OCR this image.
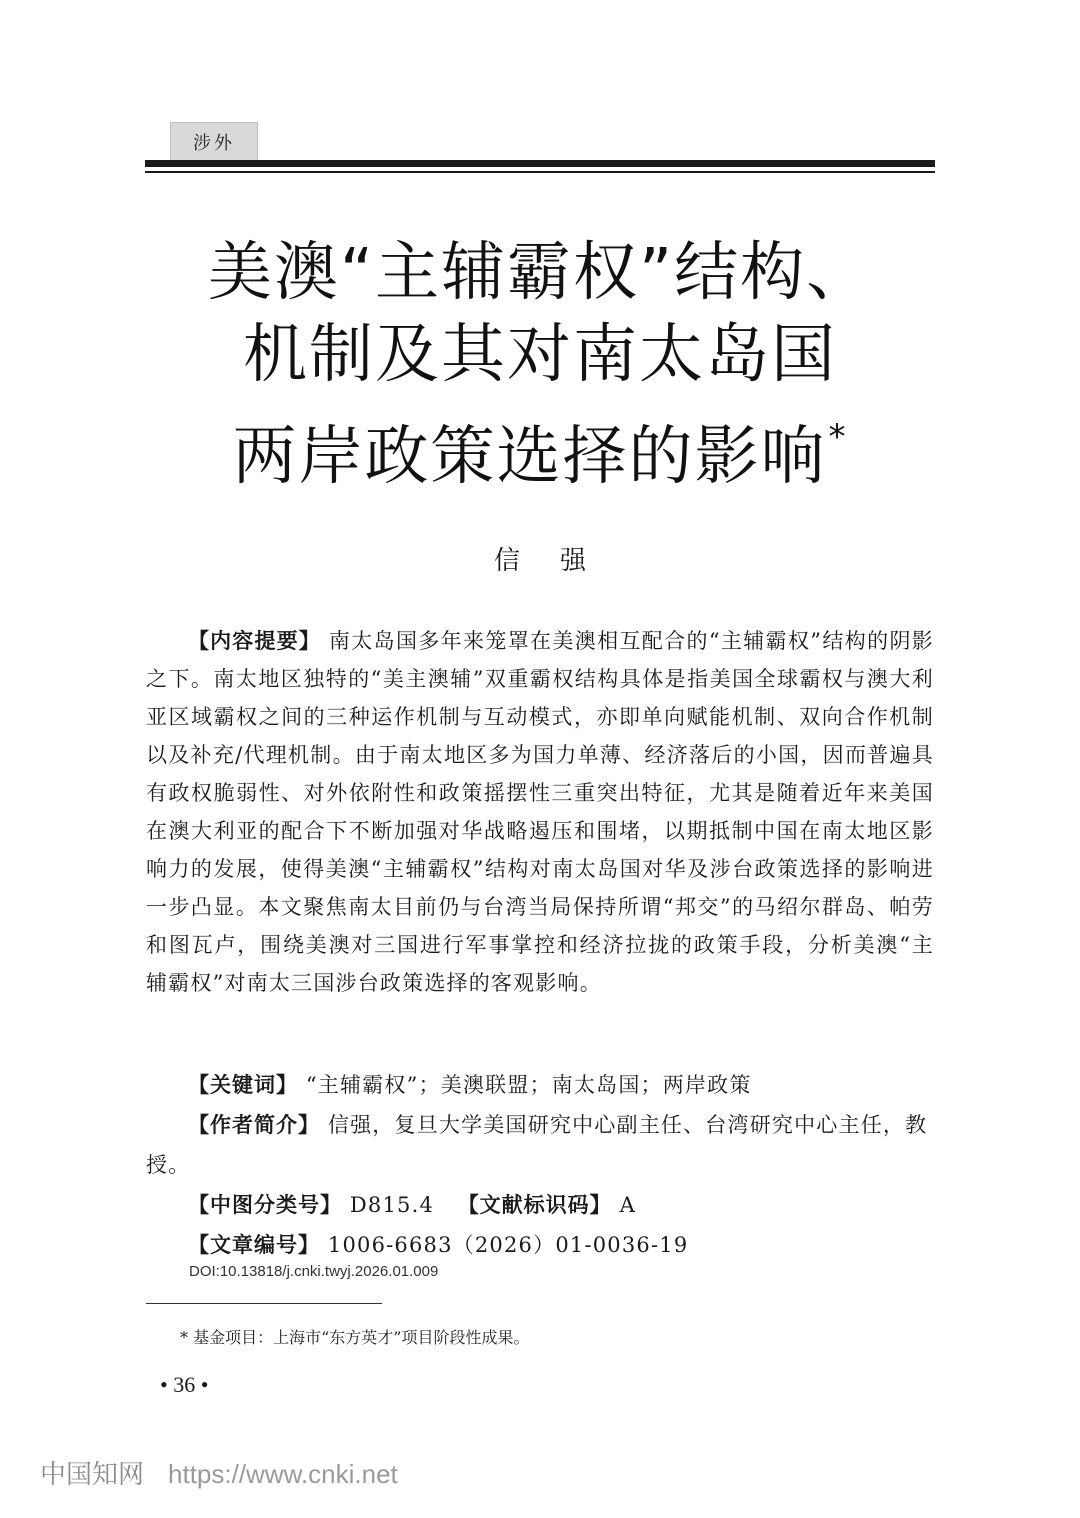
涉外
美澳“主辅霸权”结构、
机制及其对南太岛国
两岸政策选择的影响*
信强

【内容提要】 南太岛国多年来笼罩在美澳相互配合的“主辅霸权”结构的阴影之下。南太地区独特的“美主澳辅”双重霸权结构具体是指美国全球霸权与澳大利亚区域霸权之间的三种运作机制与互动模式，亦即单向赋能机制、双向合作机制以及补充/代理机制。由于南太地区多为国力单薄、经济落后的小国，因而普遍具有政权脆弱性、对外依附性和政策摇摆性三重突出特征，尤其是随着近年来美国在澳大利亚的配合下不断加强对华战略遏压和围堵，以期抵制中国在南太地区影响力的发展，使得美澳“主辅霸权”结构对南太岛国对华及涉台政策选择的影响进一步凸显。本文聚焦南太目前仍与台湾当局保持所谓“邦交”的马绍尔群岛、帕劳和图瓦卢，围绕美澳对三国进行军事掌控和经济拉拢的政策手段，分析美澳“主辅霸权”对南太三国涉台政策选择的客观影响。

【关键词】 “主辅霸权”；美澳联盟；南太岛国；两岸政策

【作者简介】 信强，复旦大学美国研究中心副主任、台湾研究中心主任，教授。

【中图分类号】 D815.4 【文献标识码】 A

【文章编号】 1006-6683（2026）01-0036-19

DOI:10.13818/j.cnki.twyj.2026.01.009
* 基金项目：上海市“东方英才”项目阶段性成果。
• 36 •
中国知网 https://www.cnki.net
